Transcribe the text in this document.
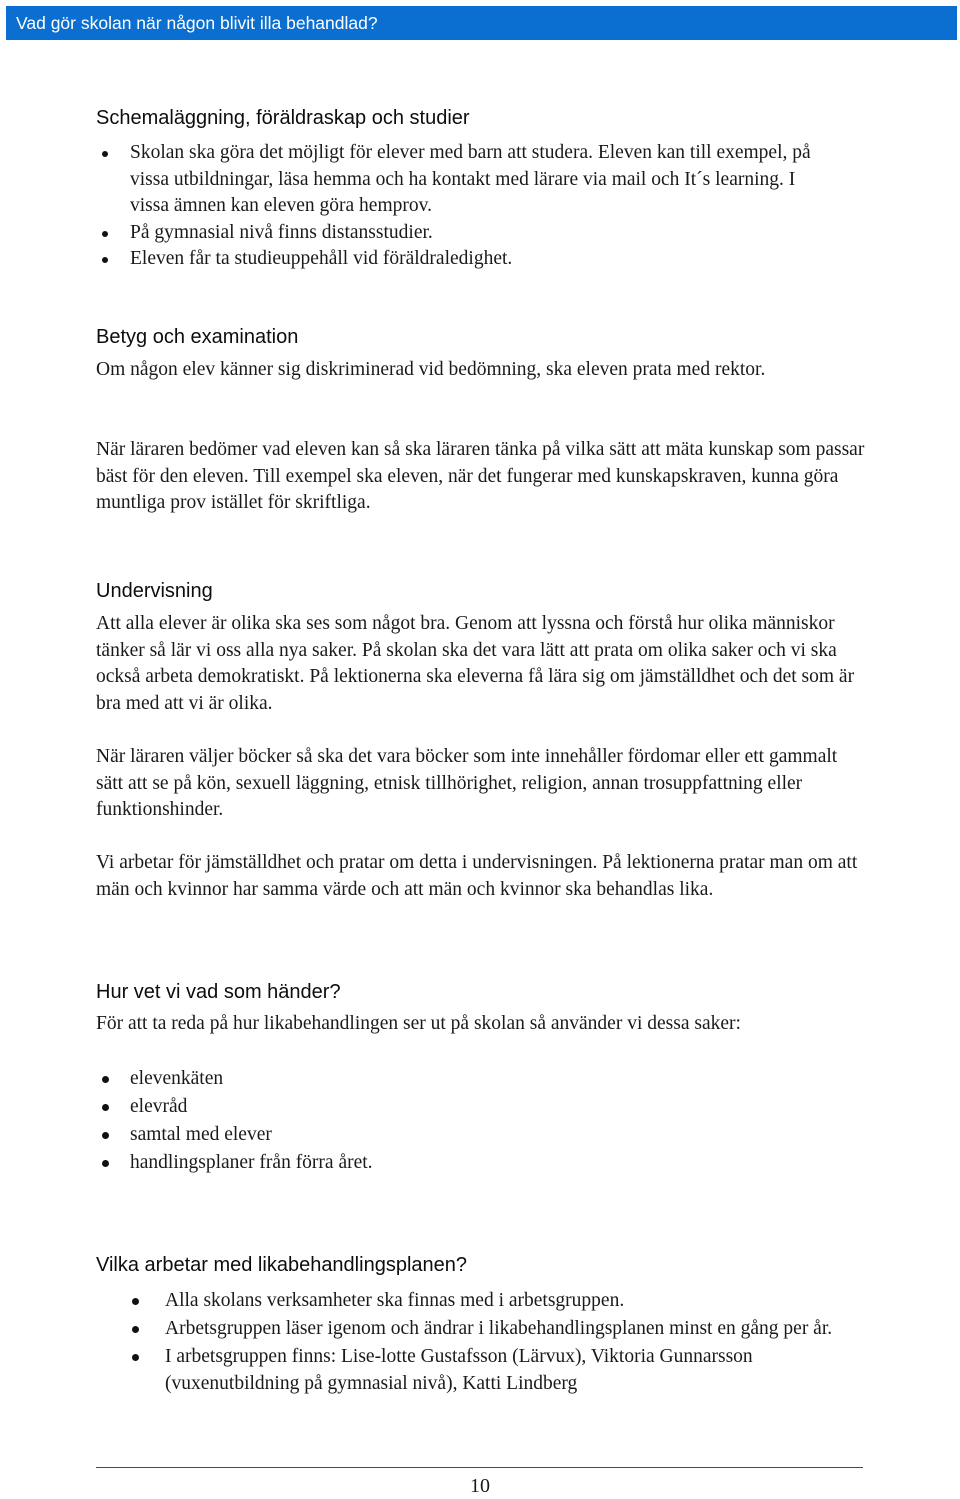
Vad gör skolan när någon blivit illa behandlad?
Schemaläggning, föräldraskap och studier
Skolan ska göra det möjligt för elever med barn att studera. Eleven kan till exempel, på vissa utbildningar, läsa hemma och ha kontakt med lärare via mail och It´s learning. I vissa ämnen kan eleven göra hemprov.
På gymnasial nivå finns distansstudier.
Eleven får ta studieuppehåll vid föräldraledighet.
Betyg och examination

Om någon elev känner sig diskriminerad vid bedömning, ska eleven prata med rektor.

När läraren bedömer vad eleven kan så ska läraren tänka på vilka sätt att mäta kunskap som passar bäst för den eleven. Till exempel ska eleven, när det fungerar med kunskapskraven, kunna göra muntliga prov istället för skriftliga.

Undervisning

Att alla elever är olika ska ses som något bra. Genom att lyssna och förstå hur olika människor tänker så lär vi oss alla nya saker. På skolan ska det vara lätt att prata om olika saker och vi ska också arbeta demokratiskt. På lektionerna ska eleverna få lära sig om jämställdhet och det som är bra med att vi är olika.

När läraren väljer böcker så ska det vara böcker som inte innehåller fördomar eller ett gammalt sätt att se på kön, sexuell läggning, etnisk tillhörighet, religion, annan trosuppfattning eller funktionshinder.

Vi arbetar för jämställdhet och pratar om detta i undervisningen. På lektionerna pratar man om att män och kvinnor har samma värde och att män och kvinnor ska behandlas lika.

Hur vet vi vad som händer?

För att ta reda på hur likabehandlingen ser ut på skolan så använder vi dessa saker:

elevenkäten
elevråd
samtal med elever
handlingsplaner från förra året.
Vilka arbetar med likabehandlingsplanen?
Alla skolans verksamheter ska finnas med i arbetsgruppen.
Arbetsgruppen läser igenom och ändrar i likabehandlingsplanen minst en gång per år.
I arbetsgruppen finns: Lise-lotte Gustafsson (Lärvux), Viktoria Gunnarsson (vuxenutbildning på gymnasial nivå), Katti Lindberg
10
